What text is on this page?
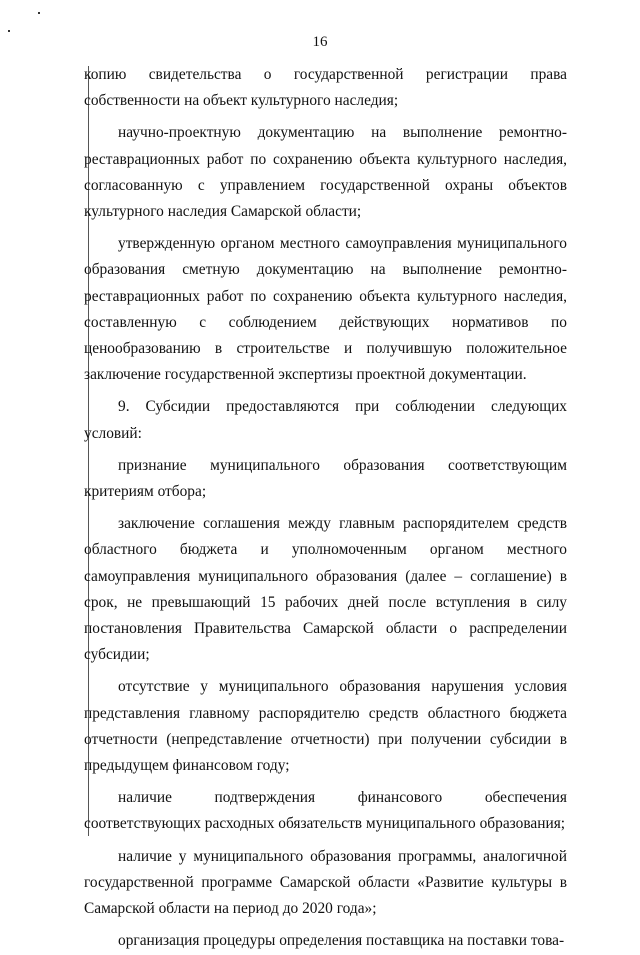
16

копию свидетельства о государственной регистрации права собственности на объект культурного наследия;

научно-проектную документацию на выполнение ремонтно-реставрационных работ по сохранению объекта культурного наследия, согласованную с управлением государственной охраны объектов культурного наследия Самарской области;

утвержденную органом местного самоуправления муниципального образования сметную документацию на выполнение ремонтно-реставрационных работ по сохранению объекта культурного наследия, составленную с соблюдением действующих нормативов по ценообразованию в строительстве и получившую положительное заключение государственной экспертизы проектной документации.

9. Субсидии предоставляются при соблюдении следующих условий:

признание муниципального образования соответствующим критериям отбора;

заключение соглашения между главным распорядителем средств областного бюджета и уполномоченным органом местного самоуправления муниципального образования (далее – соглашение) в срок, не превышающий 15 рабочих дней после вступления в силу постановления Правительства Самарской области о распределении субсидии;

отсутствие у муниципального образования нарушения условия представления главному распорядителю средств областного бюджета отчетности (непредставление отчетности) при получении субсидии в предыдущем финансовом году;

наличие подтверждения финансового обеспечения соответствующих расходных обязательств муниципального образования;

наличие у муниципального образования программы, аналогичной государственной программе Самарской области «Развитие культуры в Самарской области на период до 2020 года»;

организация процедуры определения поставщика на поставки това-
